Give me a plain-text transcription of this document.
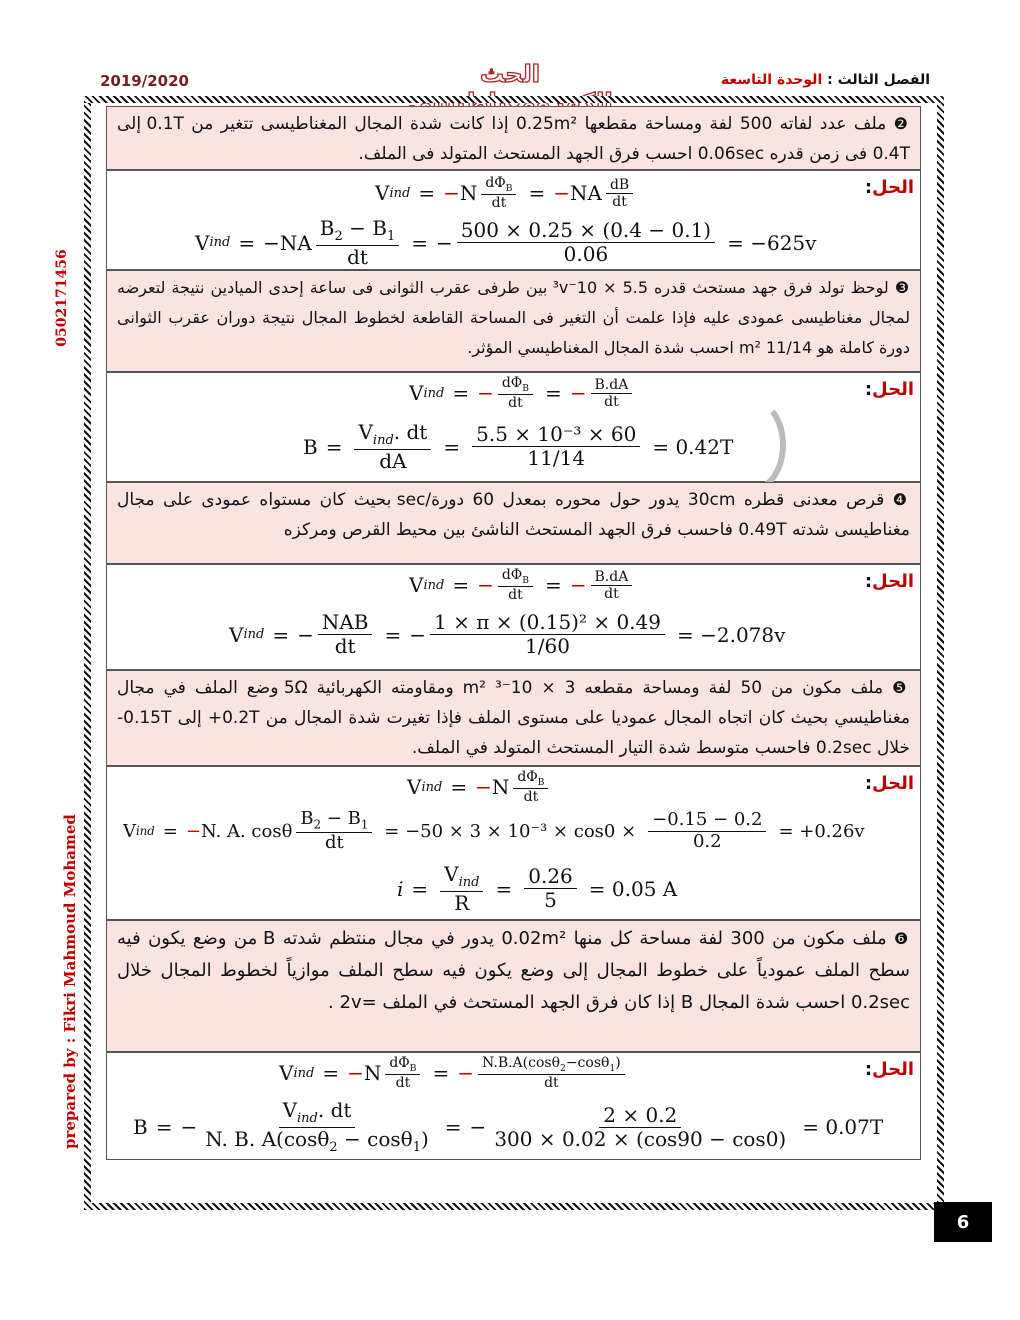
2019/2020	الحث	الفصل الثالث : الوحدة التاسعة
0502171456
prepared by : Fikri Mahmoud Mohamed
❷ ملف عدد لفاته 500 لفة ومساحة مقطعها 0.25m² إذا كانت شدة المجال المغناطيسى تتغير من 0.1T إلى 0.4T فى زمن قدره 0.06sec احسب فرق الجهد المستحث المتولد فى الملف.
الحل:
V ind = − N $\frac{d\Phi_B}{dt}$ = − NA $\frac{dB}{dt}$
V ind = $-NA \frac{B_2 - B_1}{dt}$ = − $\frac{500 \times 0.25 \times (0.4 - 0.1)}{0.06} = -625v$
❸ لوحظ تولد فرق جهد مستحث قدره 5.5 × 10⁻³v بين طرفى عقرب الثوانى فى ساعة إحدى الميادين نتيجة لتعرضه لمجال مغناطيسى عمودى عليه فإذا علمت أن التغير فى المساحة القاطعة لخطوط المجال نتيجة دوران عقرب الثوانى دورة كاملة هو 11/14 m² احسب شدة المجال المغناطيسي المؤثر.
الحل:
V ind = − $\frac{d\Phi_B}{dt}$ = − $\frac{B.dA}{dt}$
$B = \frac{V_{ind}. dt}{dA} = \frac{\text{5.5 × 10⁻³ × 60}}{11/14} = 0.42T$
❹ قرص معدنى قطره 30cm يدور حول محوره بمعدل 60 دورة/sec بحيث كان مستواه عمودى على مجال مغناطيسى شدته 0.49T فاحسب فرق الجهد المستحث الناشئ بين محيط القرص ومركزه
الحل:
V ind = − $\frac{d\Phi_B}{dt}$ = − $\frac{B.dA}{dt}$
V ind = − $\frac{\text{NAB}}{dt}$ = − $\frac{\text{1 × π × (0.15)² × 0.49}}{1/60} = -2.078v$
❺ ملف مكون من 50 لفة ومساحة مقطعه 3 × 10⁻³ m² ومقاومته الكهربائية 5Ω وضع الملف في مجال مغناطيسي بحيث كان اتجاه المجال عموديا على مستوى الملف فإذا تغيرت شدة المجال من 0.2T+ إلى 0.15T- خلال 0.2sec فاحسب متوسط شدة التيار المستحث المتولد في الملف.
الحل:
V ind = − N $\frac{d\Phi_B}{dt}$
V ind = − N. A. cosθ $\frac{B_2 - B_1}{dt} = -50 \times 3 \times 10^{-3} \times \cos 0 \times \frac{-0.15 - 0.2}{0.2} = +0.26v$
$i = \frac{V_{ind}}{R} = \frac{0.26}{5} = 0.05$ A
❻ ملف مكون من 300 لفة مساحة كل منها 0.02m² يدور في مجال منتظم شدته B من وضع يكون فيه سطح الملف عمودياً على خطوط المجال إلى وضع يكون فيه سطح الملف موازياً لخطوط المجال خلال 0.2sec احسب شدة المجال B إذا كان فرق الجهد المستحث في الملف =2v .
الحل:
V ind = − N $\frac{d\Phi_B}{dt}$ = − $\frac{N.B.A(\cos\theta_2-\cos\theta_1)}{dt}$
B = − $\frac{V_{ind}. dt}{N. B. A(\cos\theta_2 - \cos\theta_1)}$ = − $\frac{2 \times 0.2}{300 \times 0.02 \times (\cos 90 - \cos 0)} = 0.07T$
6
